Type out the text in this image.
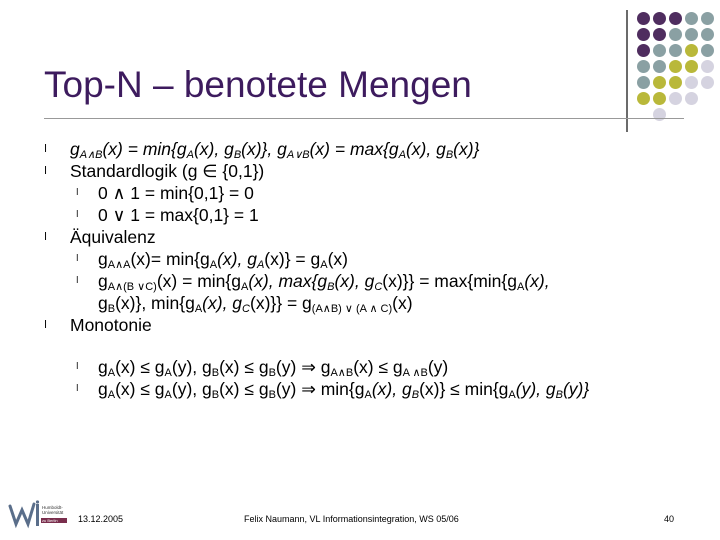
Top-N – benotete Mengen
l $g_{A\wedge B}(x) = \min\{g_A(x)$, $g_B(x)$}, $g_{A\vee B}(x) = \max\{g_A(x)$, $g_B(x)$}
l Standardlogik (g ∈ {0,1})
l 0 ∧ 1 = min{0,1} = 0
l 0 ∨ 1 = max{0,1} = 1
l Äquivalenz
l $g_{A\wedge A}(x)= \min\{g_A(x)$, $g_A(x)\} = g_A(x)$
l $g_{A\wedge(B \vee C)}(x) = \min\{g_A(x)$, $\max\{g_B(x)$, $g_C(x)\}\} = \max\{\min\{g_A(x)$,
$g_B(x)$}, $\min\{g_A(x)$, $g_C(x)\}\} = g_{(A\wedge B) \vee (A \wedge C)}(x)$
l Monotonie
l $g_A(x) \le g_A(y)$, $g_B(x) \le g_B(y)$ ⇒ $g_{A\wedge B}(x) \le g_{A \wedge B}(y)$
l $g_A(x) \le g_A(y)$, $g_B(x) \le g_B(y)$ ⇒ $\min\{g_A(x)$, $g_B(x)\} \le \min\{g_A(y)$, $g_B(y)$}
Humboldt-
Universität
zu Berlin 13.12.2005	Felix Naumann, VL Informationsintegration, WS 05/06	40
